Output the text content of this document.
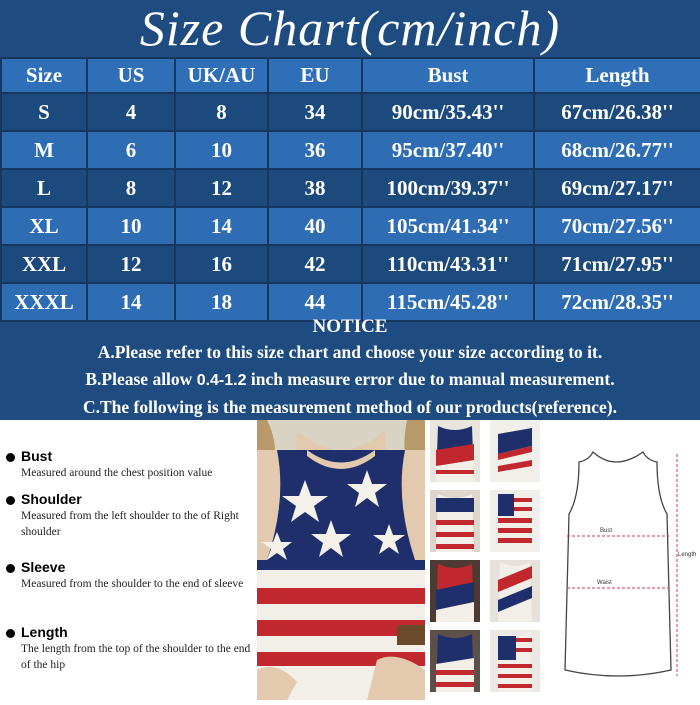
Size Chart(cm/inch)
Size	US	UK/AU	EU	Bust	Length
S	4	8	34	90cm/35.43''	67cm/26.38''
M	6	10	36	95cm/37.40''	68cm/26.77''
L	8	12	38	100cm/39.37''	69cm/27.17''
XL	10	14	40	105cm/41.34''	70cm/27.56''
XXL	12	16	42	110cm/43.31''	71cm/27.95''
XXXL	14	18	44	115cm/45.28''	72cm/28.35''
NOTICE
A.Please refer to this size chart and choose your size according to it.
B.Please allow 0.4-1.2 inch measure error due to manual measurement.
C.The following is the measurement method of our products(reference).
Bust
Measured around the chest position value
Shoulder
Measured from the left shoulder to the of Right shoulder
Sleeve
Measured from the shoulder to the end of sleeve
Length
The length from the top of the shoulder to the end of the hip
Bust
Waist
Length
